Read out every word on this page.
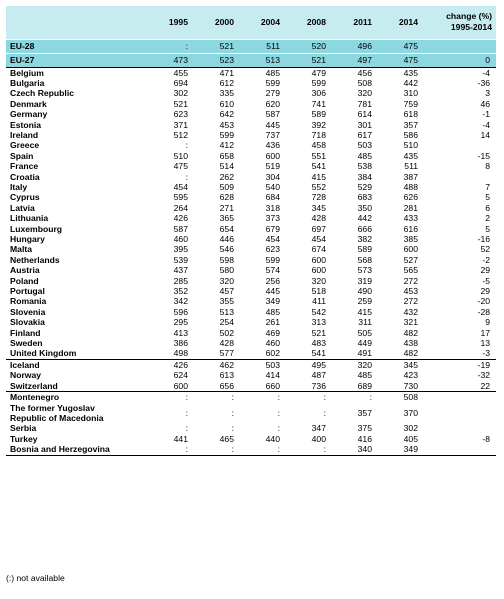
	1995	2000	2004	2008	2011	2014	change (%)
1995-2014
EU-28	:	521	511	520	496	475	
EU-27	473	523	513	521	497	475	0
Belgium	455	471	485	479	456	435	-4
Bulgaria	694	612	599	599	508	442	-36
Czech Republic	302	335	279	306	320	310	3
Denmark	521	610	620	741	781	759	46
Germany	623	642	587	589	614	618	-1
Estonia	371	453	445	392	301	357	-4
Ireland	512	599	737	718	617	586	14
Greece	:	412	436	458	503	510	
Spain	510	658	600	551	485	435	-15
France	475	514	519	541	538	511	8
Croatia	:	262	304	415	384	387	
Italy	454	509	540	552	529	488	7
Cyprus	595	628	684	728	683	626	5
Latvia	264	271	318	345	350	281	6
Lithuania	426	365	373	428	442	433	2
Luxembourg	587	654	679	697	666	616	5
Hungary	460	446	454	454	382	385	-16
Malta	395	546	623	674	589	600	52
Netherlands	539	598	599	600	568	527	-2
Austria	437	580	574	600	573	565	29
Poland	285	320	256	320	319	272	-5
Portugal	352	457	445	518	490	453	29
Romania	342	355	349	411	259	272	-20
Slovenia	596	513	485	542	415	432	-28
Slovakia	295	254	261	313	311	321	9
Finland	413	502	469	521	505	482	17
Sweden	386	428	460	483	449	438	13
United Kingdom	498	577	602	541	491	482	-3
Iceland	426	462	503	495	320	345	-19
Norway	624	613	414	487	485	423	-32
Switzerland	600	656	660	736	689	730	22
Montenegro	:	:	:	:	:	508	
The former Yugoslav
Republic of Macedonia	:	:	:	:	357	370	
Serbia	:	:	:	347	375	302	
Turkey	441	465	440	400	416	405	-8
Bosnia and Herzegovina	:	:	:	:	340	349	
(:) not available
